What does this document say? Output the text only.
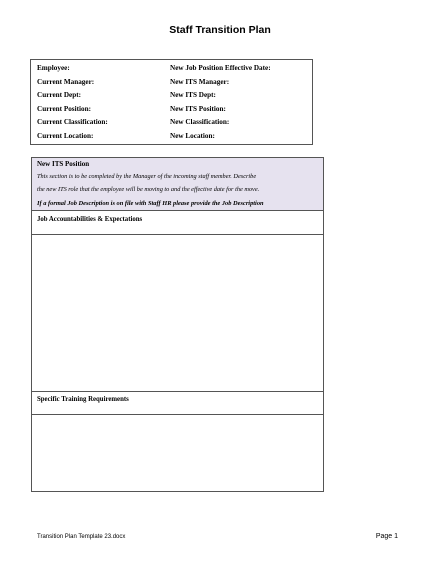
Staff Transition Plan
Employee:	New Job Position Effective Date:
Current Manager:	New ITS Manager:
Current Dept:	New ITS Dept:
Current Position:	New ITS Position:
Current Classification:	New Classification:
Current Location:	New Location:
New ITS Position
This section is to be completed by the Manager of the incoming staff member. Describe
the new ITS role that the employee will be moving to and the effective date for the move.
If a formal Job Description is on file with Staff HR please provide the Job Description
Job Accountabilities & Expectations
Specific Training Requirements
Transition Plan Template 23.docx	Page 1
